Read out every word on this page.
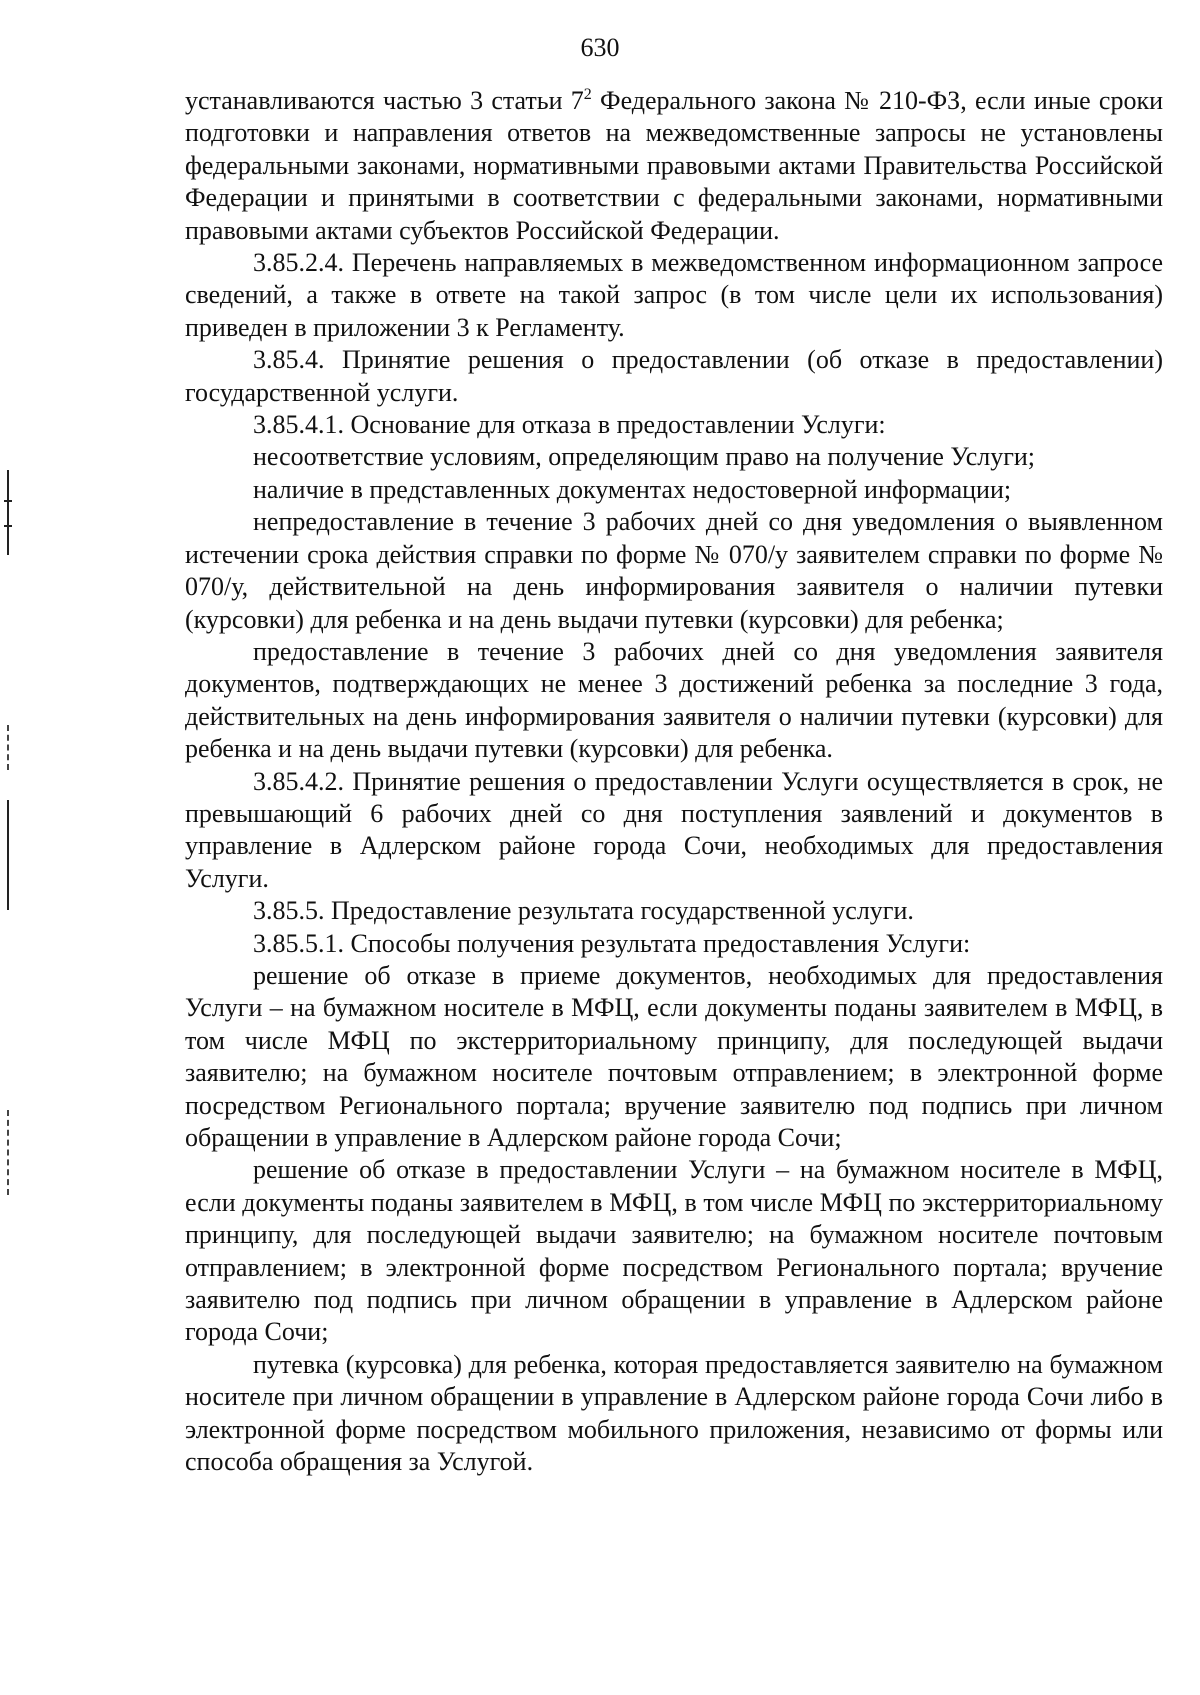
630

устанавливаются частью 3 статьи $7^2$ Федерального закона № 210-ФЗ, если иные сроки подготовки и направления ответов на межведомственные запросы не установлены федеральными законами, нормативными правовыми актами Правительства Российской Федерации и принятыми в соответствии с федеральными законами, нормативными правовыми актами субъектов Российской Федерации.

3.85.2.4. Перечень направляемых в межведомственном информационном запросе сведений, а также в ответе на такой запрос (в том числе цели их использования) приведен в приложении 3 к Регламенту.

3.85.4. Принятие решения о предоставлении (об отказе в предоставлении) государственной услуги.

3.85.4.1. Основание для отказа в предоставлении Услуги:

несоответствие условиям, определяющим право на получение Услуги;

наличие в представленных документах недостоверной информации;

непредоставление в течение 3 рабочих дней со дня уведомления о выявленном истечении срока действия справки по форме № 070/у заявителем справки по форме № 070/у, действительной на день информирования заявителя о наличии путевки (курсовки) для ребенка и на день выдачи путевки (курсовки) для ребенка;

предоставление в течение 3 рабочих дней со дня уведомления заявителя документов, подтверждающих не менее 3 достижений ребенка за последние 3 года, действительных на день информирования заявителя о наличии путевки (курсовки) для ребенка и на день выдачи путевки (курсовки) для ребенка.

3.85.4.2. Принятие решения о предоставлении Услуги осуществляется в срок, не превышающий 6 рабочих дней со дня поступления заявлений и документов в управление в Адлерском районе города Сочи, необходимых для предоставления Услуги.

3.85.5. Предоставление результата государственной услуги.

3.85.5.1. Способы получения результата предоставления Услуги:

решение об отказе в приеме документов, необходимых для предоставления Услуги – на бумажном носителе в МФЦ, если документы поданы заявителем в МФЦ, в том числе МФЦ по экстерриториальному принципу, для последующей выдачи заявителю; на бумажном носителе почтовым отправлением; в электронной форме посредством Регионального портала; вручение заявителю под подпись при личном обращении в управление в Адлерском районе города Сочи;

решение об отказе в предоставлении Услуги – на бумажном носителе в МФЦ, если документы поданы заявителем в МФЦ, в том числе МФЦ по экстерриториальному принципу, для последующей выдачи заявителю; на бумажном носителе почтовым отправлением; в электронной форме посредством Регионального портала; вручение заявителю под подпись при личном обращении в управление в Адлерском районе города Сочи;

путевка (курсовка) для ребенка, которая предоставляется заявителю на бумажном носителе при личном обращении в управление в Адлерском районе города Сочи либо в электронной форме посредством мобильного приложения, независимо от формы или способа обращения за Услугой.
